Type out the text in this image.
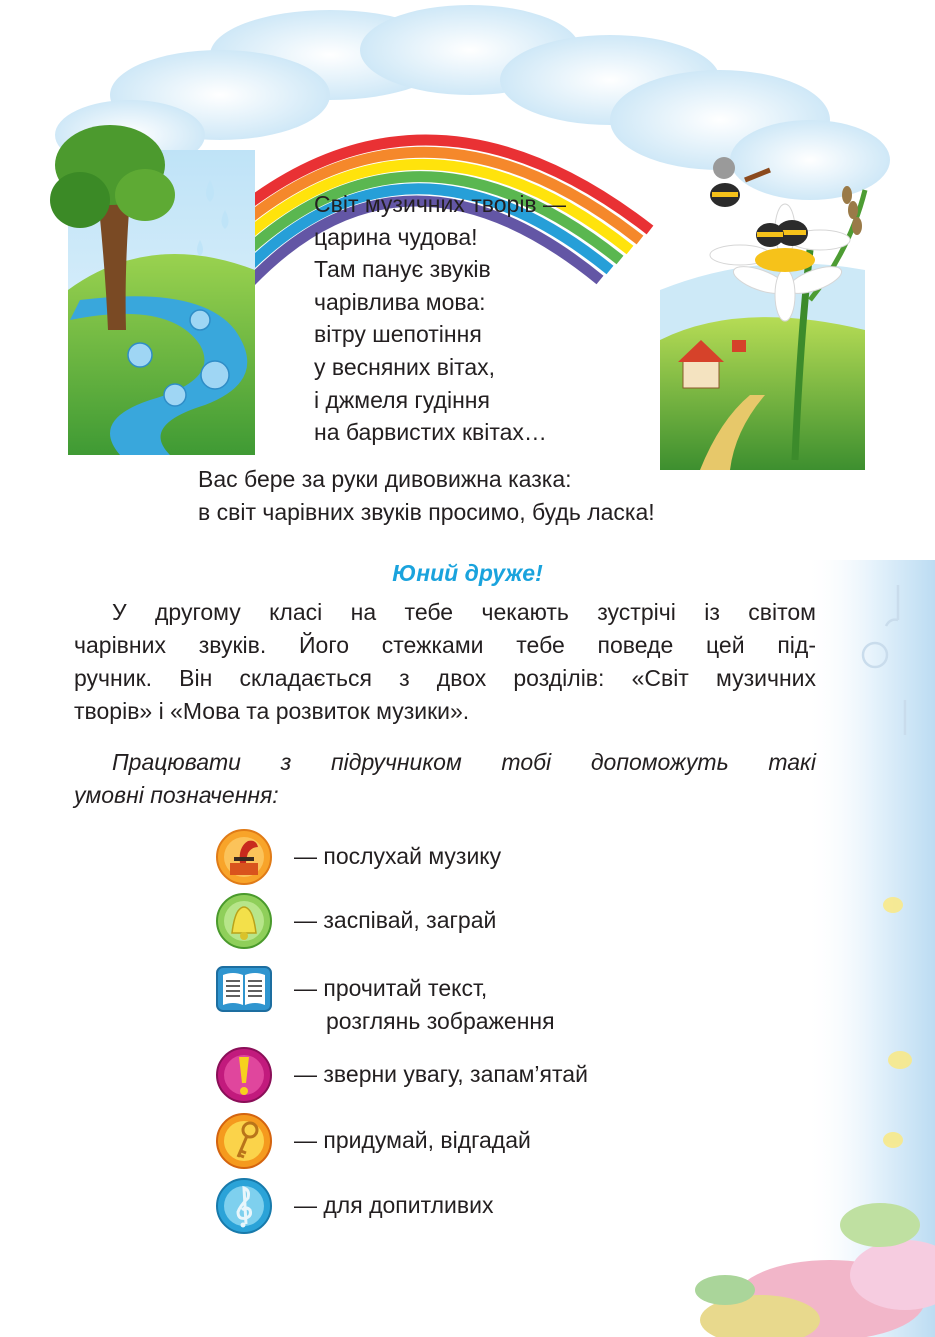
Світ музичних творів —
царина чудова!
Там панує звуків
чарівлива мова:
вітру шепотіння
у весняних вітах,
і джмеля гудіння
на барвистих квітах…
Вас бере за руки дивовижна казка:
в світ чарівних звуків просимо, будь ласка!
Юний друже!
У другому класі на тебе чекають зустрічі із світом
чарівних звуків. Його стежками тебе поведе цей під-
ручник. Він складається з двох розділів: «Світ музичних
творів» і «Мова та розвиток музики».
Працювати з підручником тобі допоможуть такі
умовні позначення:
— послухай музику
— заспівай, заграй
— прочитай текст,
розглянь зображення
— зверни увагу, запам’ятай
— придумай, відгадай
— для допитливих
